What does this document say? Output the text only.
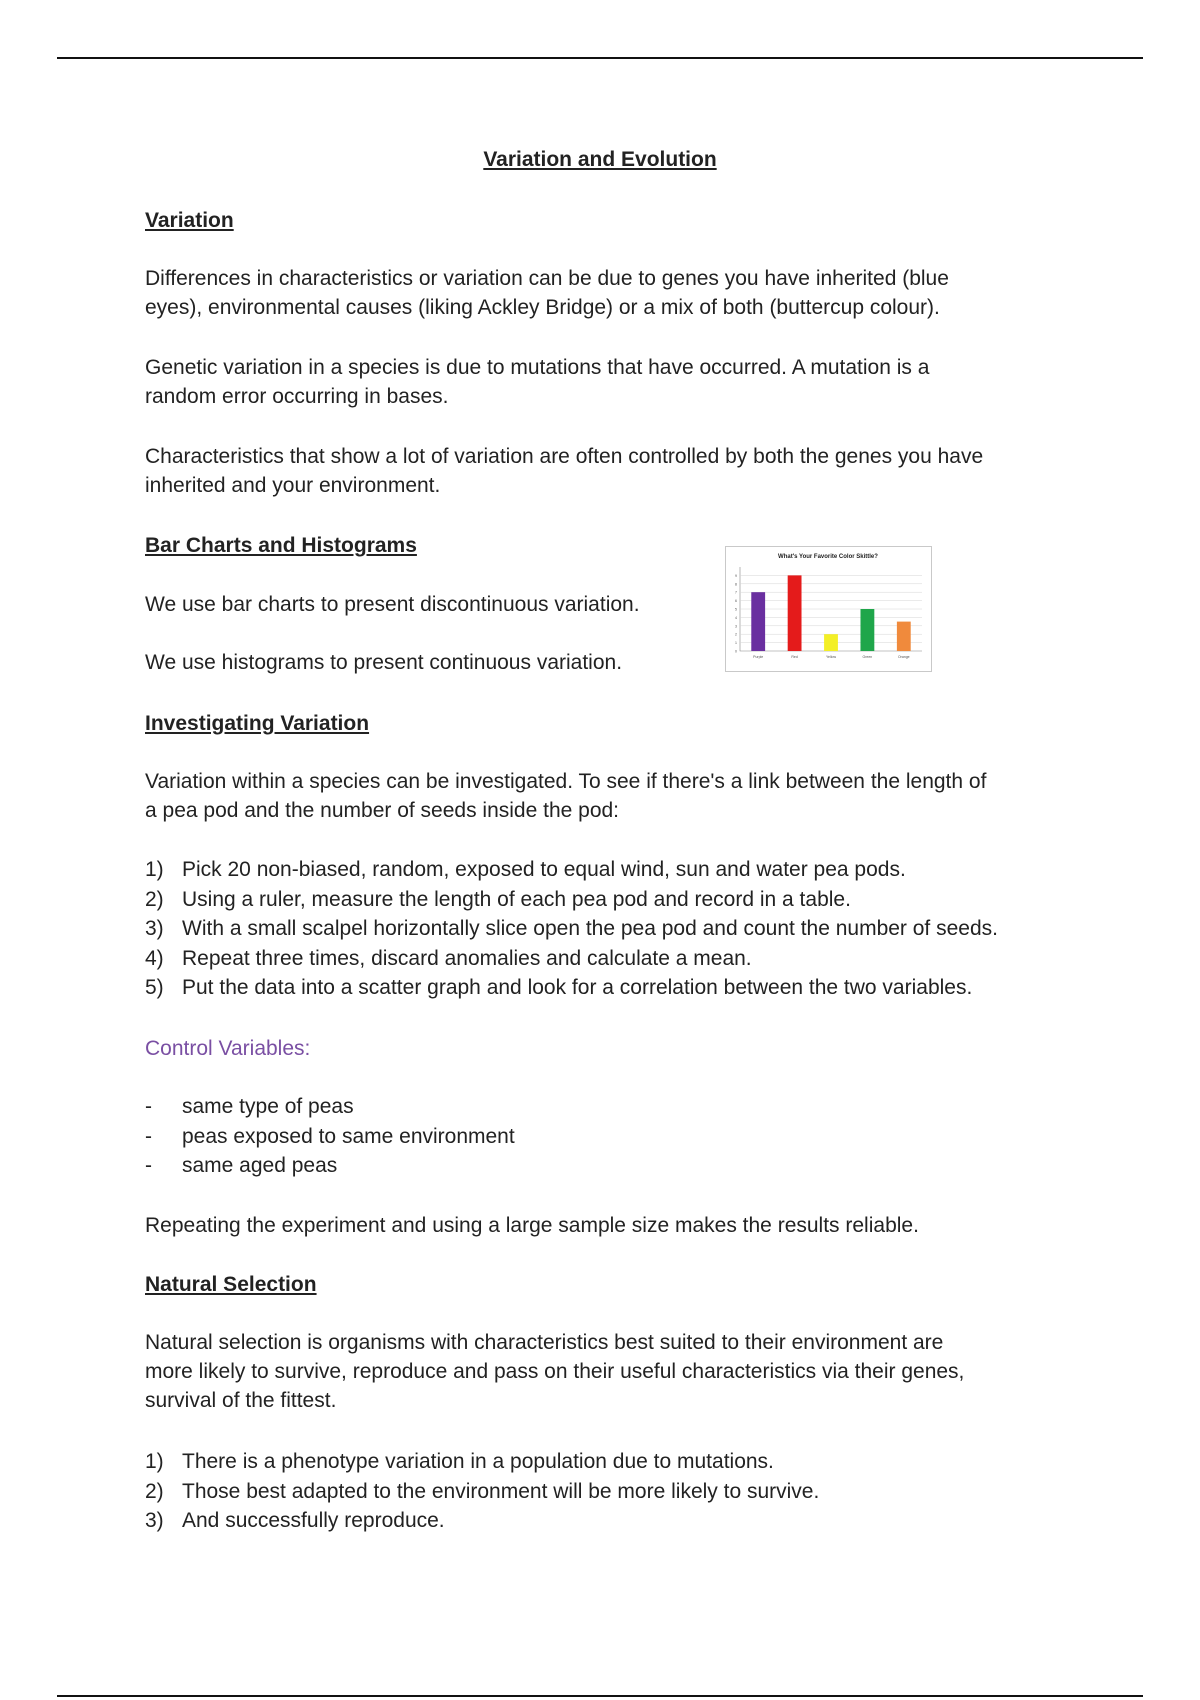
Variation and Evolution
Variation
Differences in characteristics or variation can be due to genes you have inherited (blue
eyes), environmental causes (liking Ackley Bridge) or a mix of both (buttercup colour).
Genetic variation in a species is due to mutations that have occurred. A mutation is a
random error occurring in bases.
Characteristics that show a lot of variation are often controlled by both the genes you have
inherited and your environment.
Bar Charts and Histograms
We use bar charts to present discontinuous variation.
We use histograms to present continuous variation.
Investigating Variation
Variation within a species can be investigated. To see if there's a link between the length of
a pea pod and the number of seeds inside the pod:
1) Pick 20 non-biased, random, exposed to equal wind, sun and water pea pods.
2) Using a ruler, measure the length of each pea pod and record in a table.
3) With a small scalpel horizontally slice open the pea pod and count the number of seeds.
4) Repeat three times, discard anomalies and calculate a mean.
5) Put the data into a scatter graph and look for a correlation between the two variables.
Control Variables:
- same type of peas
- peas exposed to same environment
- same aged peas
Repeating the experiment and using a large sample size makes the results reliable.
Natural Selection
Natural selection is organisms with characteristics best suited to their environment are
more likely to survive, reproduce and pass on their useful characteristics via their genes,
survival of the fittest.
1) There is a phenotype variation in a population due to mutations.
2) Those best adapted to the environment will be more likely to survive.
3) And successfully reproduce.
What's Your Favorite Color Skittle?
0
1
2
3
4
5
6
7
8
9
Purple	Red	Yellow	Green	Orange
